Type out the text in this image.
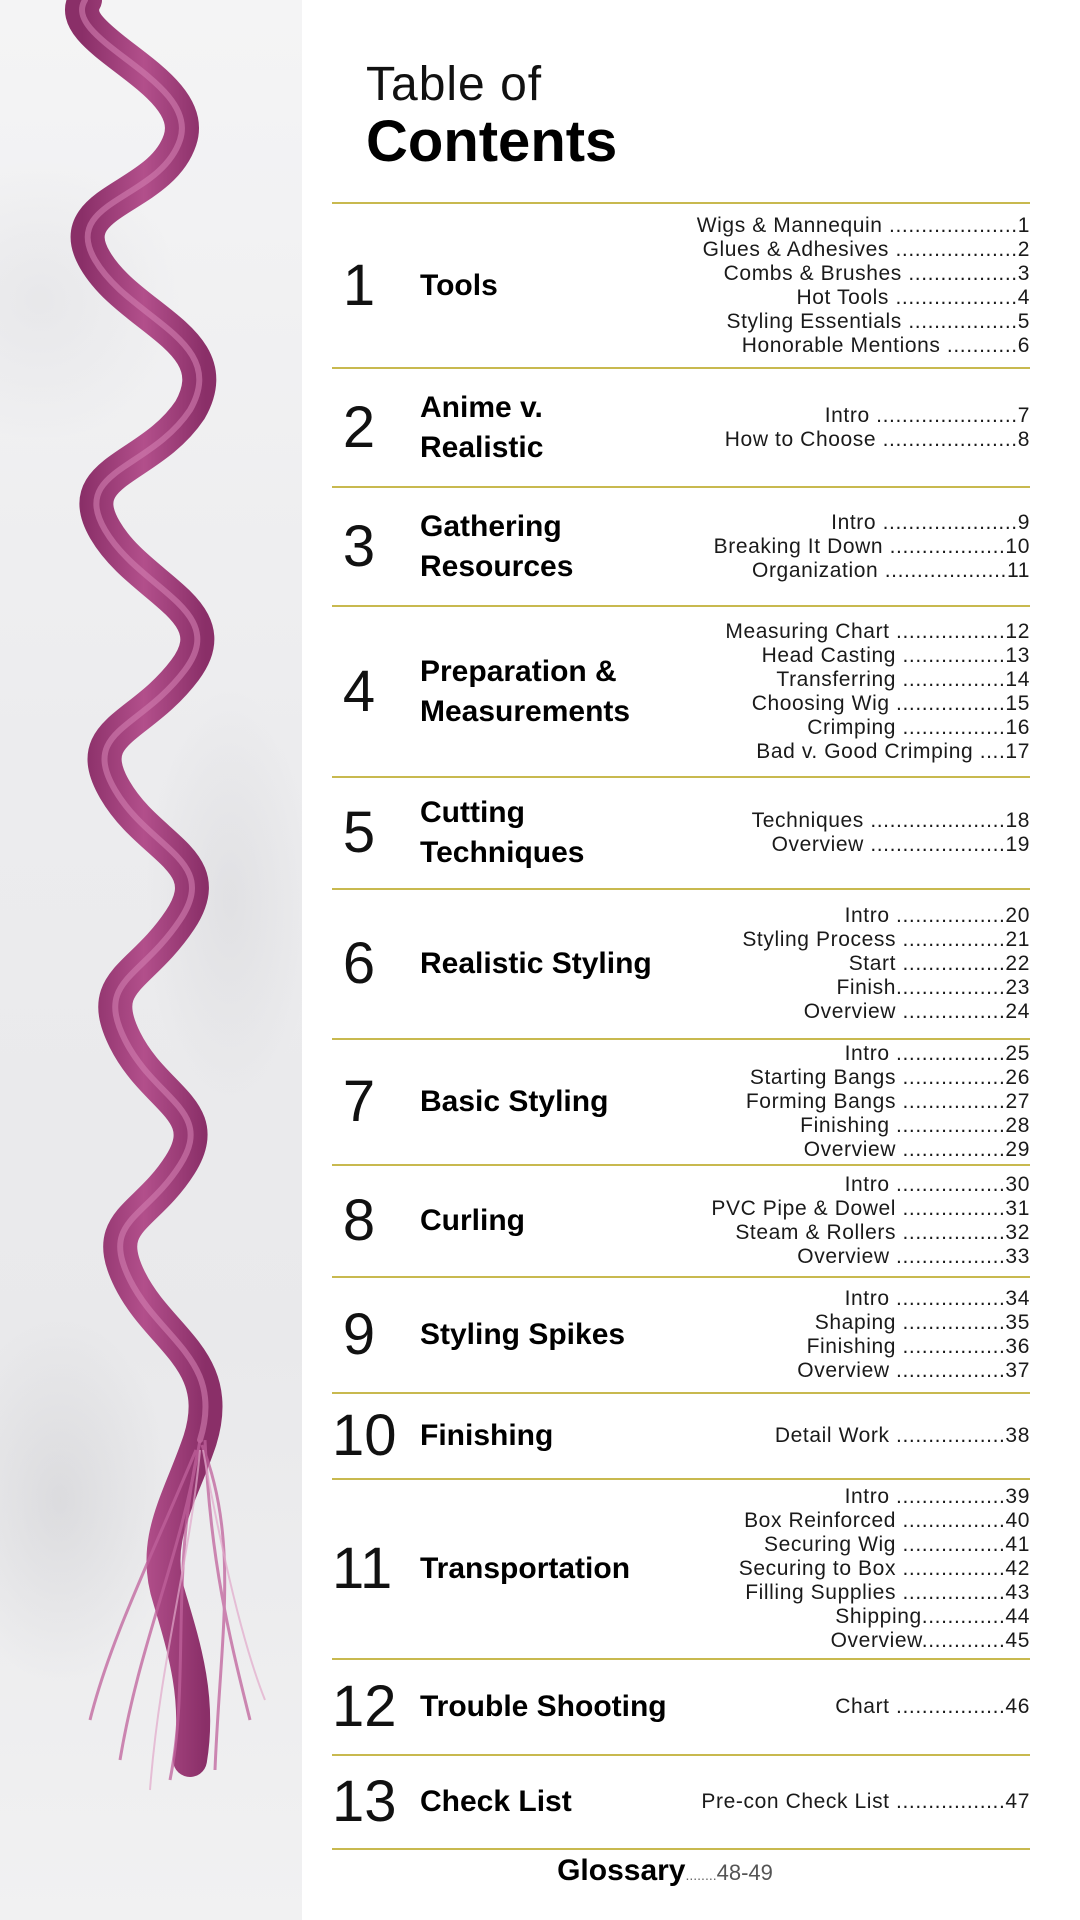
Table of
Contents
1	Tools
Wigs & Mannequin ....................1
Glues & Adhesives ...................2
Combs & Brushes .................3
Hot Tools ...................4
Styling Essentials .................5
Honorable Mentions ...........6
2	Anime v.
Realistic
Intro ......................7
How to Choose .....................8
3	Gathering
Resources
Intro .....................9
Breaking It Down ..................10
Organization ...................11
4	Preparation &
Measurements
Measuring Chart .................12
Head Casting ................13
Transferring ................14
Choosing Wig .................15
Crimping ................16
Bad v. Good Crimping ....17
5	Cutting
Techniques
Techniques .....................18
Overview .....................19
6	Realistic Styling
Intro .................20
Styling Process ................21
Start ................22
Finish.................23
Overview ................24
7	Basic Styling
Intro .................25
Starting Bangs ................26
Forming Bangs ................27
Finishing .................28
Overview ................29
8	Curling
Intro .................30
PVC Pipe & Dowel ................31
Steam & Rollers ................32
Overview .................33
9	Styling Spikes
Intro .................34
Shaping ................35
Finishing ................36
Overview .................37
10 Finishing	Detail Work .................38
11 Transportation
Intro .................39
Box Reinforced ................40
Securing Wig ................41
Securing to Box ................42
Filling Supplies ................43
Shipping.............44
Overview.............45
12 Trouble Shooting	Chart .................46
13 Check List	Pre-con Check List .................47
Glossary........48-49
